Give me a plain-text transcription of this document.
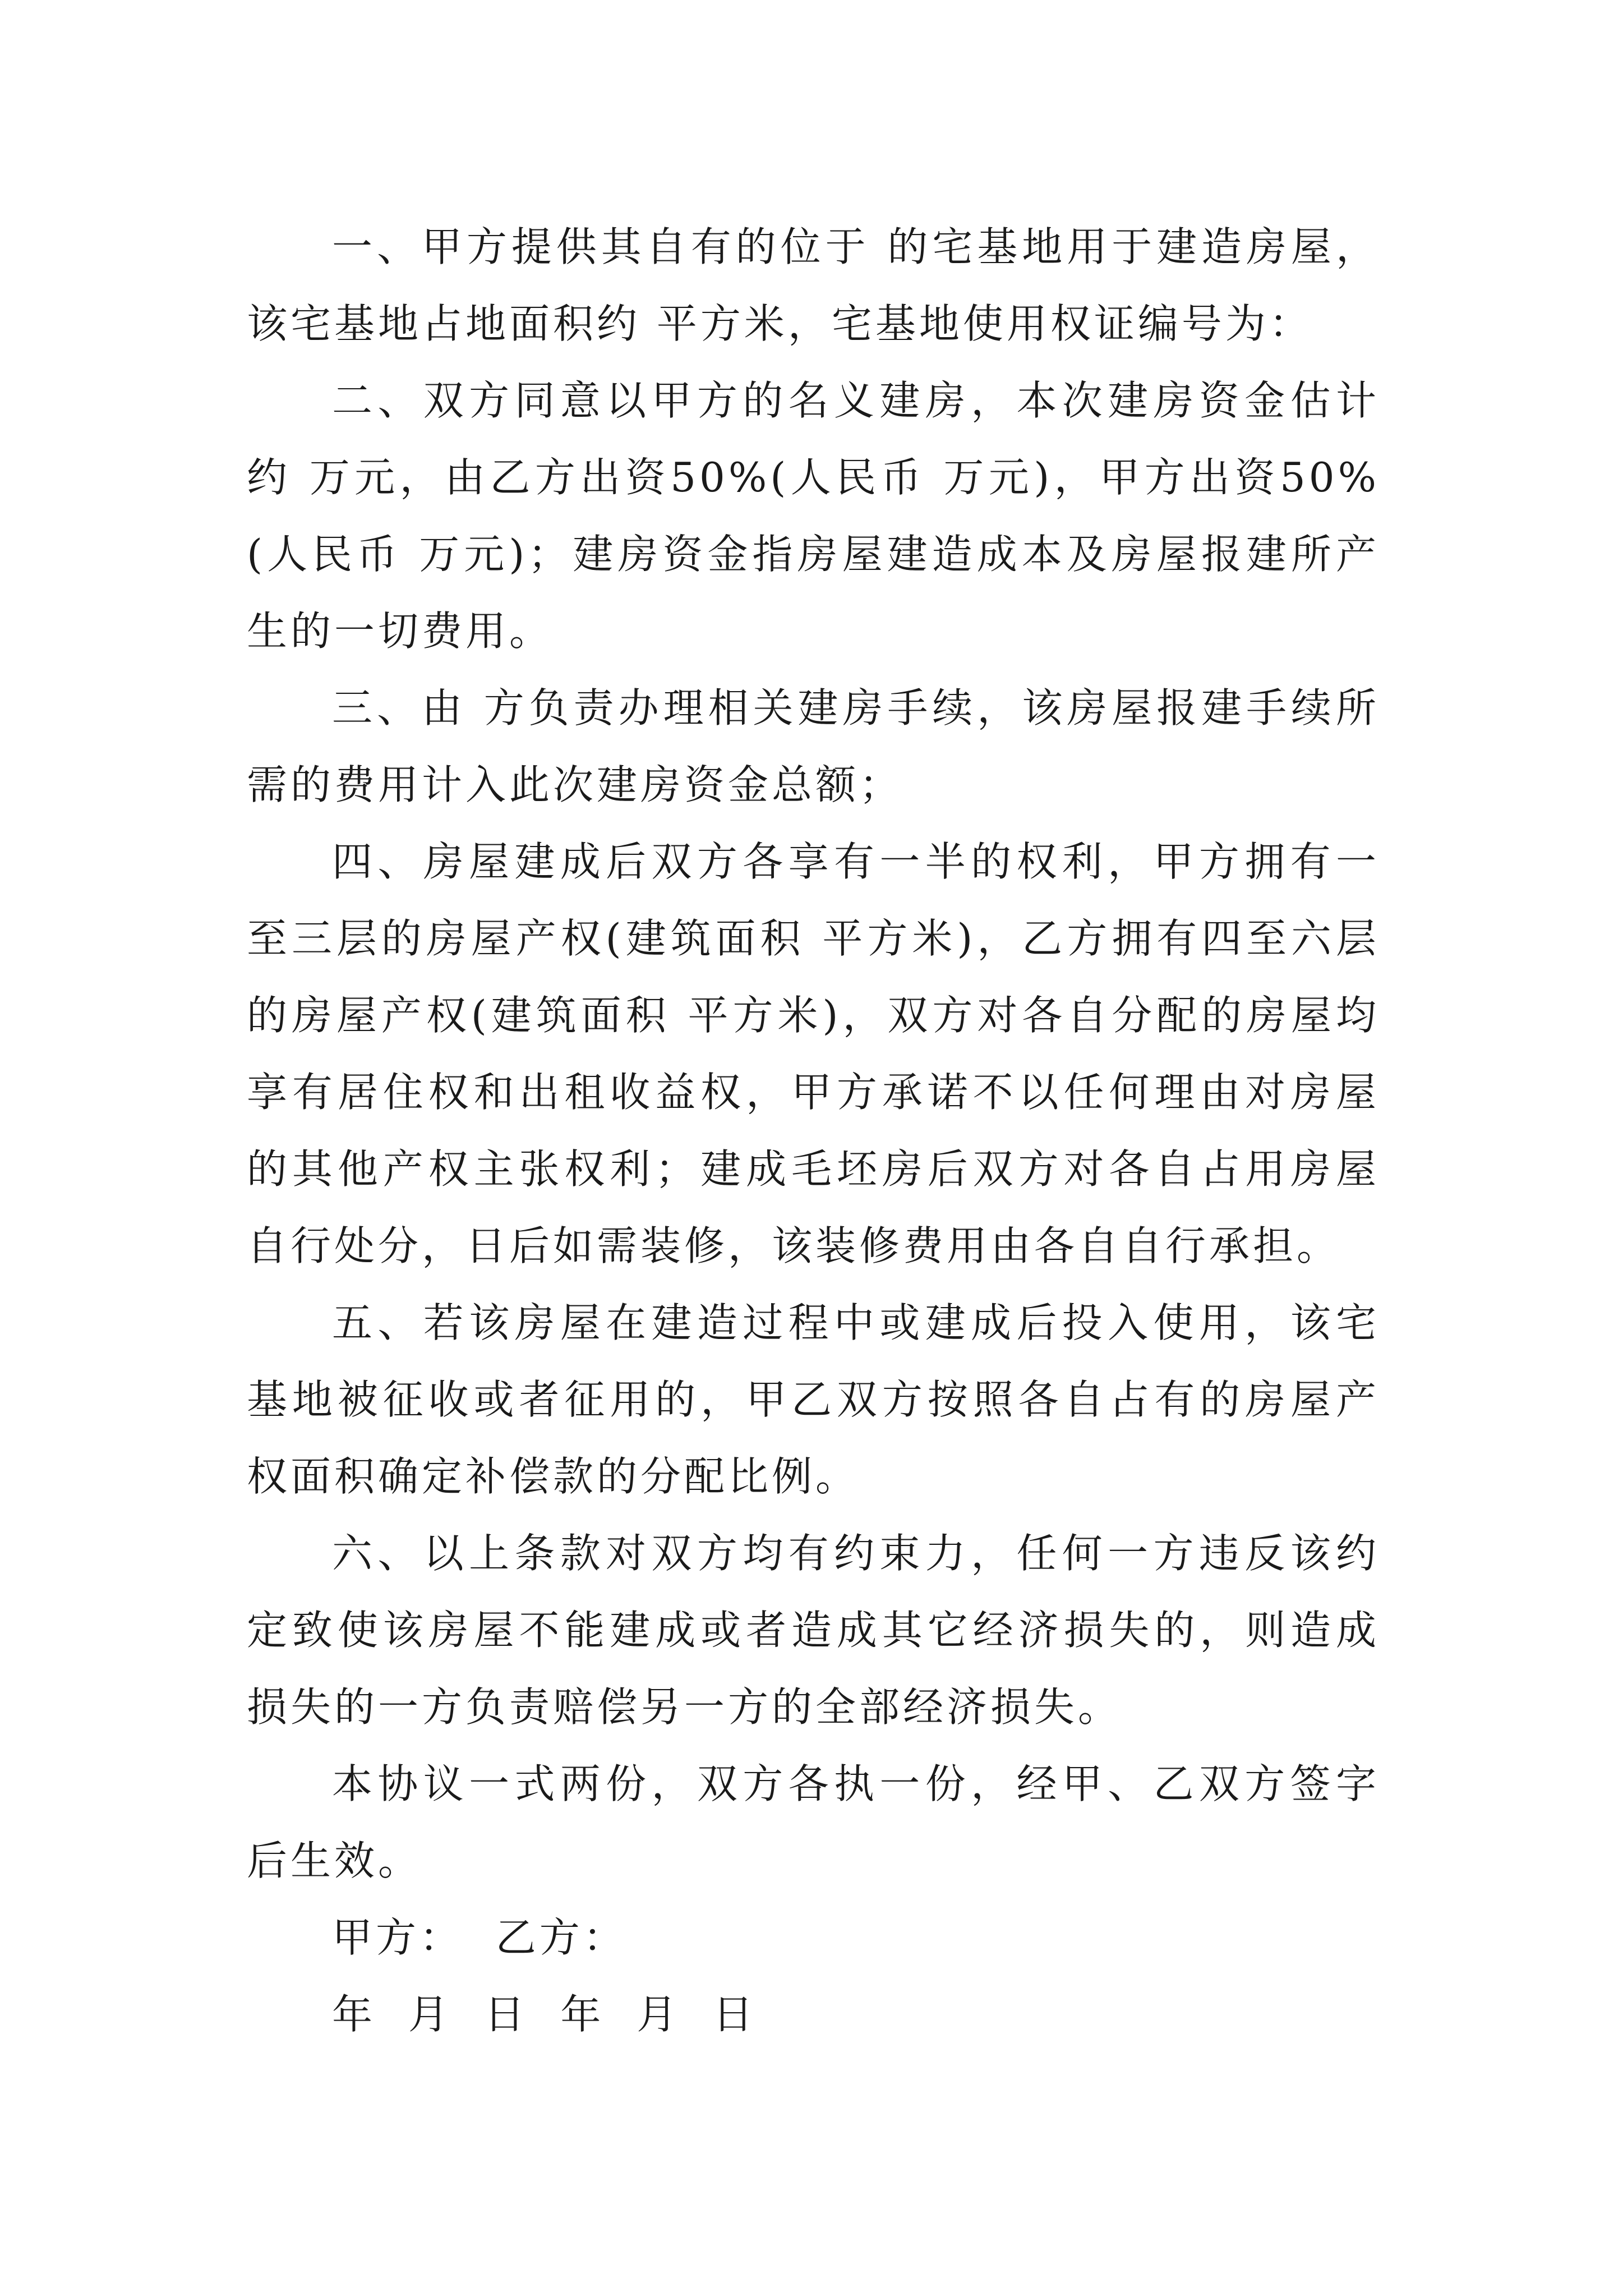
一、甲方提供其自有的位于 的宅基地用于建造房屋，该宅基地占地面积约 平方米，宅基地使用权证编号为：

二、双方同意以甲方的名义建房，本次建房资金估计约 万元，由乙方出资50%(人民币 万元)，甲方出资50%(人民币 万元)；建房资金指房屋建造成本及房屋报建所产生的一切费用。

三、由 方负责办理相关建房手续，该房屋报建手续所需的费用计入此次建房资金总额；

四、房屋建成后双方各享有一半的权利，甲方拥有一至三层的房屋产权(建筑面积 平方米)，乙方拥有四至六层的房屋产权(建筑面积 平方米)，双方对各自分配的房屋均享有居住权和出租收益权，甲方承诺不以任何理由对房屋的其他产权主张权利；建成毛坯房后双方对各自占用房屋自行处分，日后如需装修，该装修费用由各自自行承担。

五、若该房屋在建造过程中或建成后投入使用，该宅基地被征收或者征用的，甲乙双方按照各自占有的房屋产权面积确定补偿款的分配比例。

六、以上条款对双方均有约束力，任何一方违反该约定致使该房屋不能建成或者造成其它经济损失的，则造成损失的一方负责赔偿另一方的全部经济损失。

本协议一式两份，双方各执一份，经甲、乙双方签字后生效。

甲方：  乙方：

年  月  日  年  月  日
